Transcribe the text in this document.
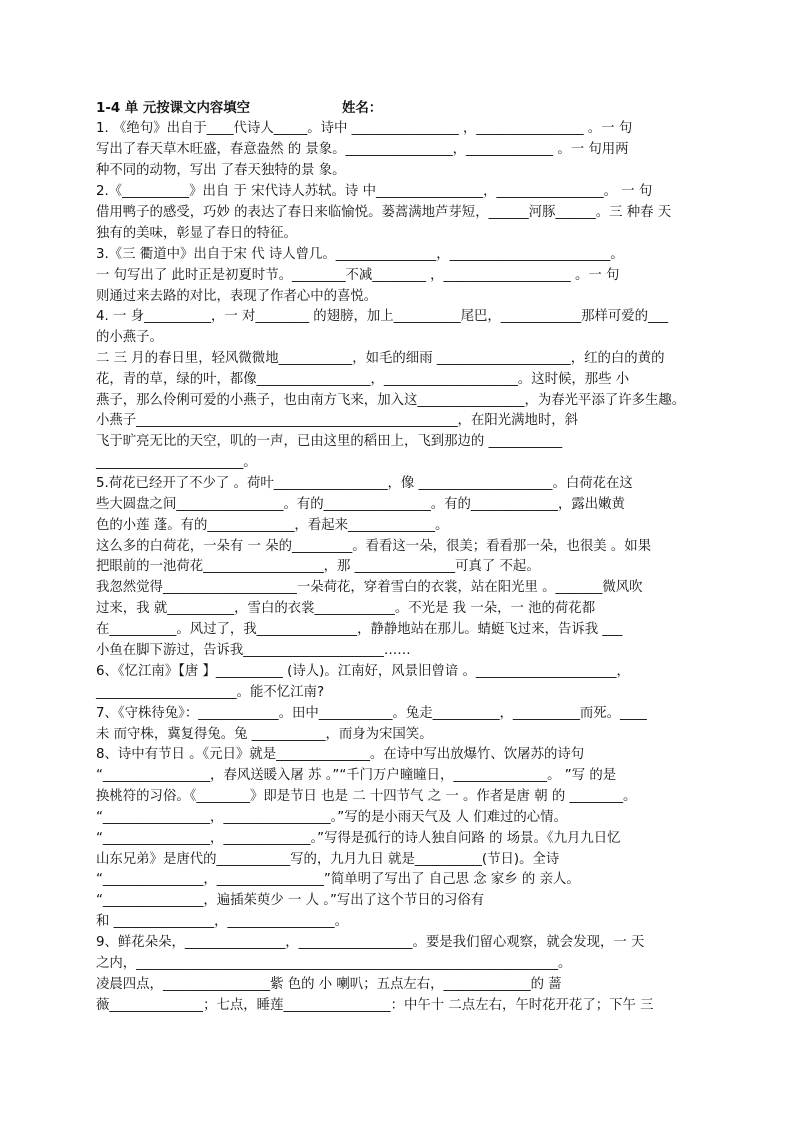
1-4 单 元按课文内容填空	姓名：
1. 《绝句》出自于____代诗人_____。诗中 ________________ ，________________ 。一 句
写出了春天草木旺盛，春意盎然 的 景象。________________，_____________ 。一 句用两
种不同的动物，写出 了春天独特的景 象。
2.《__________》出自 于 宋代诗人苏轼。诗 中________________，________________。 一 句
借用鸭子的感受，巧妙 的表达了春日来临愉悦。蒌蒿满地芦芽短，______河豚______。三 种春 天
独有的美味，彰显了春日的特征。
3.《三 衢道中》出自于宋 代 诗人曾几。_______________，________________________。
一 句写出了 此时正是初夏时节。________不减________ ，___________________ 。一 句
则通过来去路的对比，表现了作者心中的喜悦。
4. 一 身__________，一 对________ 的翅膀，加上__________尾巴，____________那样可爱的___
的小燕子。
二 三 月的春日里，轻风微微地___________，如毛的细雨 ____________________，红的白的黄的
花，青的草，绿的叶，都像_________________，____________________。这时候，那些 小
燕子，那么伶俐可爱的小燕子，也由南方飞来，加入这________________，为春光平添了许多生趣。
小燕子________________________________________________，在阳光满地时，斜
飞于旷亮无比的天空，叽的一声，已由这里的稻田上，飞到那边的 ___________
______________________。
5.荷花已经开了不少了 。荷叶_________________，像 ____________________。白荷花在这
些大圆盘之间________________。有的________________。有的_____________，露出嫩黄
色的小莲 蓬。有的_____________，看起来_____________。
这么多的白荷花，一朵有 一 朵的_________。看看这一朵，很美；看看那一朵，也很美 。如果
把眼前的一池荷花__________________，那 _______________可真了 不起。
我忽然觉得____________________一朵荷花，穿着雪白的衣裳，站在阳光里 。_______微风吹
过来，我 就__________，雪白的衣裳____________。不光是 我 一朵，一 池的荷花都
在__________。风过了，我_______________，静静地站在那儿。蜻蜓飞过来，告诉我 ___
小鱼在脚下游过，告诉我_____________________……
6、《忆江南》【唐 】__________ (诗人)。江南好，风景旧曾谙 。_____________________，
_____________________。能不忆江南?
7、《守株待兔》：____________。田中___________。兔走__________，__________而死。____
未 而守株，冀复得兔。兔 ___________，而身为宋国笑。
8、诗中有节日 。《元日》就是______________。在诗中写出放爆竹、饮屠苏的诗句
“________________，春风送暖入屠 苏 。”“千门万户曈曈日，______________。 ”写 的是
换桃符的习俗。《________》即是节日 也是 二 十四节气 之 一 。作者是唐 朝 的 ________。
“________________，________________。”写的是小雨天气及 人 们难过的心情。
“________________，_____________。”写得是孤行的诗人独自问路 的 场景。《九月九日忆
山东兄弟》是唐代的___________写的，九月九日 就是__________(节日)。全诗
“_______________，________________”简单明了写出了 自己思 念 家乡 的 亲人。
“_______________，遍插茱萸少 一 人 。”写出了这个节日的习俗有
和 _______________，________________。
9、鲜花朵朵，_______________，_________________。要是我们留心观察，就会发现，一 天
之内，_______________________________________________________________。
凌晨四点，________________紫 色的 小 喇叭；五点左右，_____________的 蔷
薇______________；七点，睡莲________________：中午十 二点左右，午时花开花了；下午 三
